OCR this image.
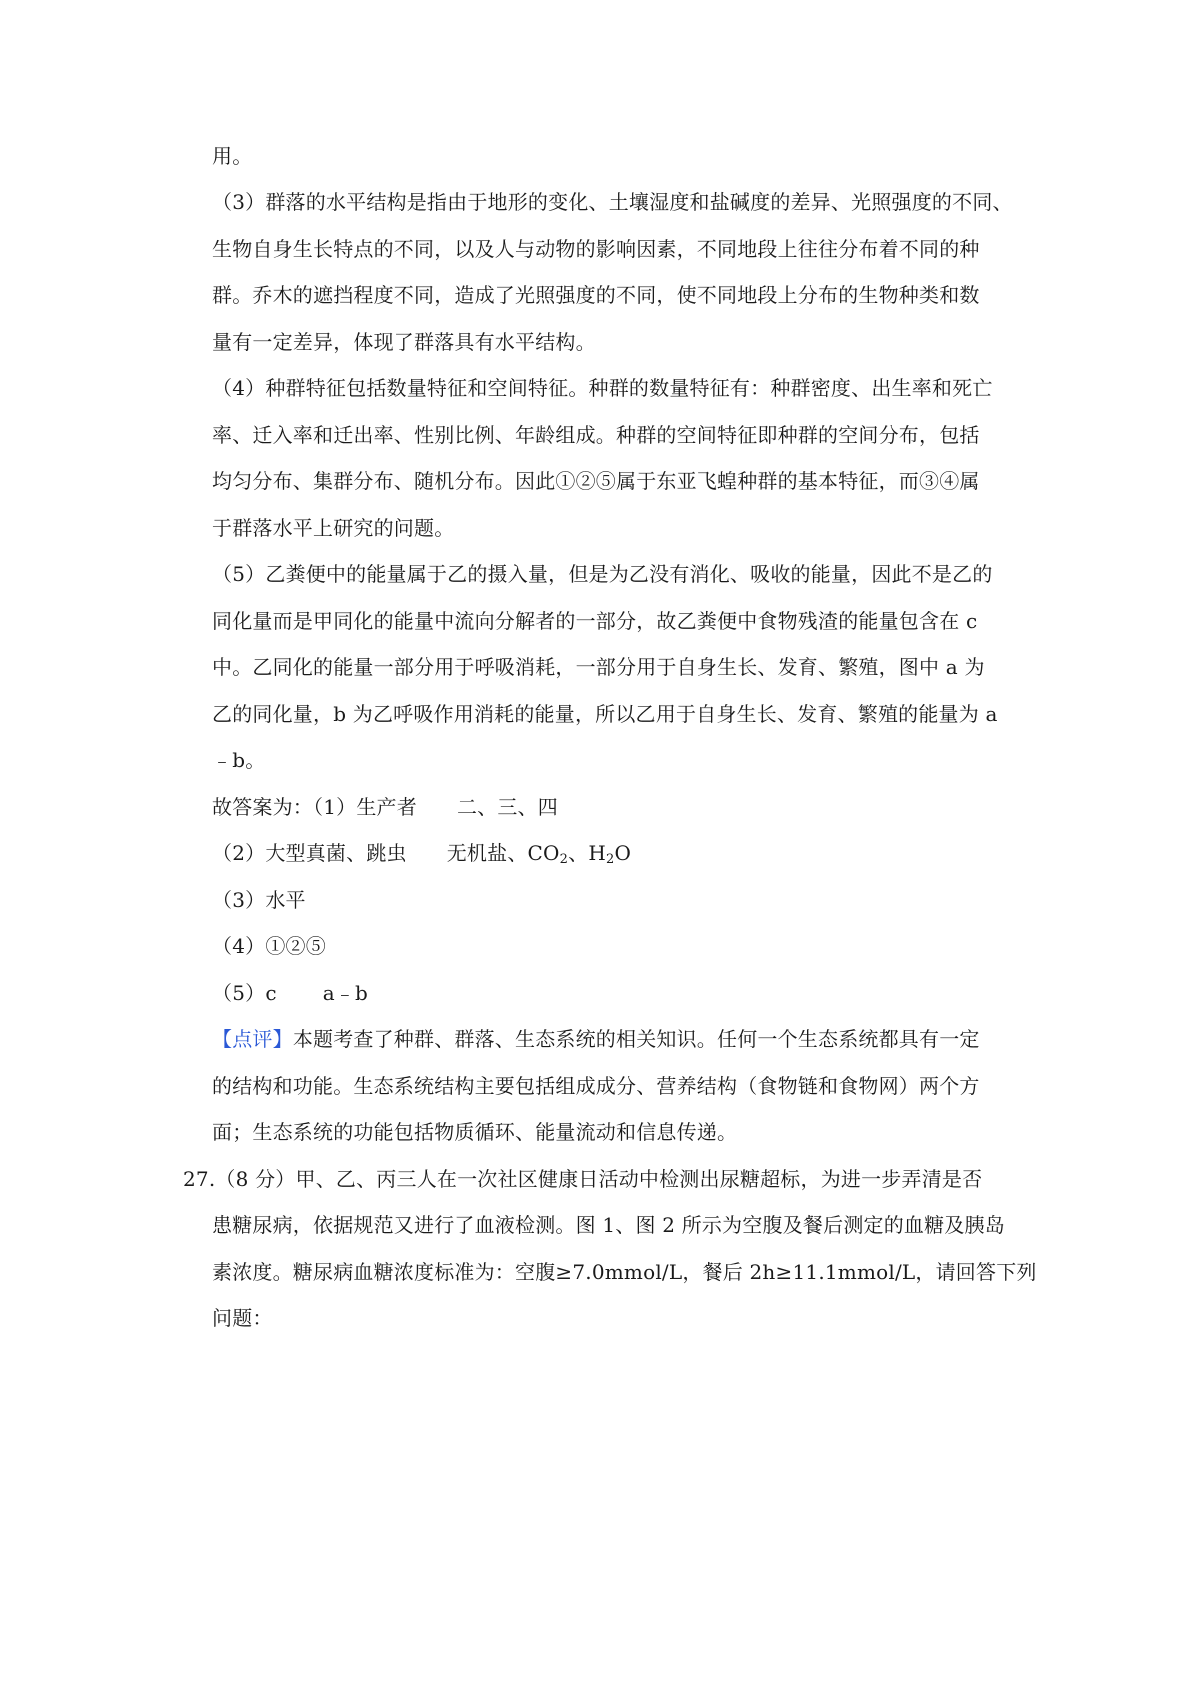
用。
（3）群落的水平结构是指由于地形的变化、土壤湿度和盐碱度的差异、光照强度的不同、
生物自身生长特点的不同，以及人与动物的影响因素，不同地段上往往分布着不同的种
群。乔木的遮挡程度不同，造成了光照强度的不同，使不同地段上分布的生物种类和数
量有一定差异，体现了群落具有水平结构。
（4）种群特征包括数量特征和空间特征。种群的数量特征有：种群密度、出生率和死亡
率、迁入率和迁出率、性别比例、年龄组成。种群的空间特征即种群的空间分布，包括
均匀分布、集群分布、随机分布。因此①②⑤属于东亚飞蝗种群的基本特征，而③④属
于群落水平上研究的问题。
（5）乙粪便中的能量属于乙的摄入量，但是为乙没有消化、吸收的能量，因此不是乙的
同化量而是甲同化的能量中流向分解者的一部分，故乙粪便中食物残渣的能量包含在 c
中。乙同化的能量一部分用于呼吸消耗，一部分用于自身生长、发育、繁殖，图中 a 为
乙的同化量，b 为乙呼吸作用消耗的能量，所以乙用于自身生长、发育、繁殖的能量为 a
﹣b。
故答案为：（1）生产者 二、三、四
（2）大型真菌、跳虫 无机盐、$CO_2$、$H_2O$
（3）水平
（4）①②⑤
（5）c a﹣b
【点评】本题考查了种群、群落、生态系统的相关知识。任何一个生态系统都具有一定
的结构和功能。生态系统结构主要包括组成成分、营养结构（食物链和食物网）两个方
面；生态系统的功能包括物质循环、能量流动和信息传递。
27.（8 分）甲、乙、丙三人在一次社区健康日活动中检测出尿糖超标，为进一步弄清是否
患糖尿病，依据规范又进行了血液检测。图 1、图 2 所示为空腹及餐后测定的血糖及胰岛
素浓度。糖尿病血糖浓度标准为：空腹≥7.0mmol/L，餐后 2h≥11.1mmol/L，请回答下列
问题：
